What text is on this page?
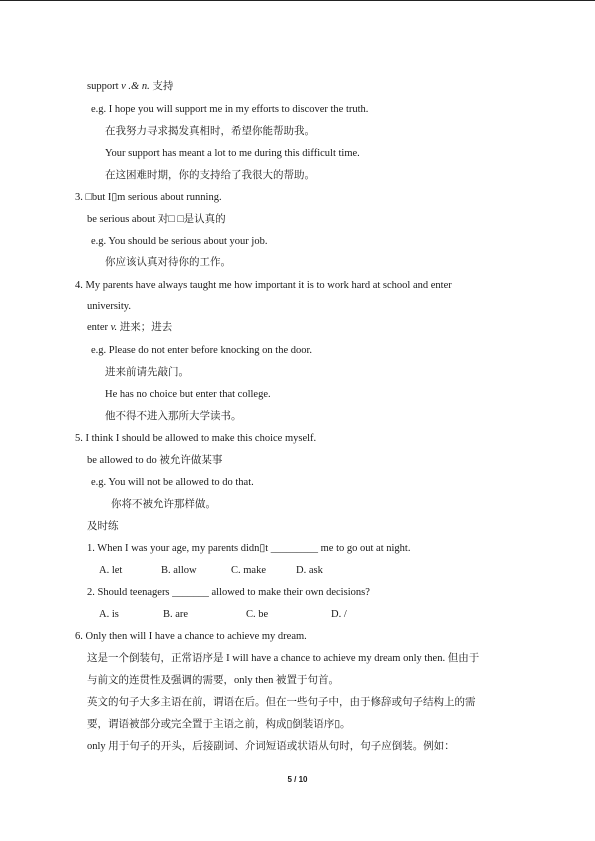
support v .& n. 支持
e.g. I hope you will support me in my efforts to discover the truth.
在我努力寻求揭发真相时，希望你能帮助我。
Your support has meant a lot to me during this difficult time.
在这困难时期，你的支持给了我很大的帮助。
3. □but I▯m serious about running.
be serious about 对□ □是认真的
e.g. You should be serious about your job.
你应该认真对待你的工作。
4. My parents have always taught me how important it is to work hard at school and enter
university.
enter v. 进来；进去
e.g. Please do not enter before knocking on the door.
进来前请先敲门。
He has no choice but enter that college.
他不得不进入那所大学读书。
5. I think I should be allowed to make this choice myself.
be allowed to do 被允许做某事
e.g. You will not be allowed to do that.
你将不被允许那样做。
及时练
1. When I was your age, my parents didn▯t _________ me to go out at night.
A. let	B. allow	C. make	D. ask
2. Should teenagers _______ allowed to make their own decisions?
A. is	B. are	C. be	D. /
6. Only then will I have a chance to achieve my dream.
这是一个倒装句，正常语序是 I will have a chance to achieve my dream only then. 但由于
与前文的连贯性及强调的需要，only then 被置于句首。
英文的句子大多主语在前，谓语在后。但在一些句子中，由于修辞或句子结构上的需
要，谓语被部分或完全置于主语之前，构成▯倒装语序▯。
only 用于句子的开头，后接副词、介词短语或状语从句时，句子应倒装。例如：
5 / 10
